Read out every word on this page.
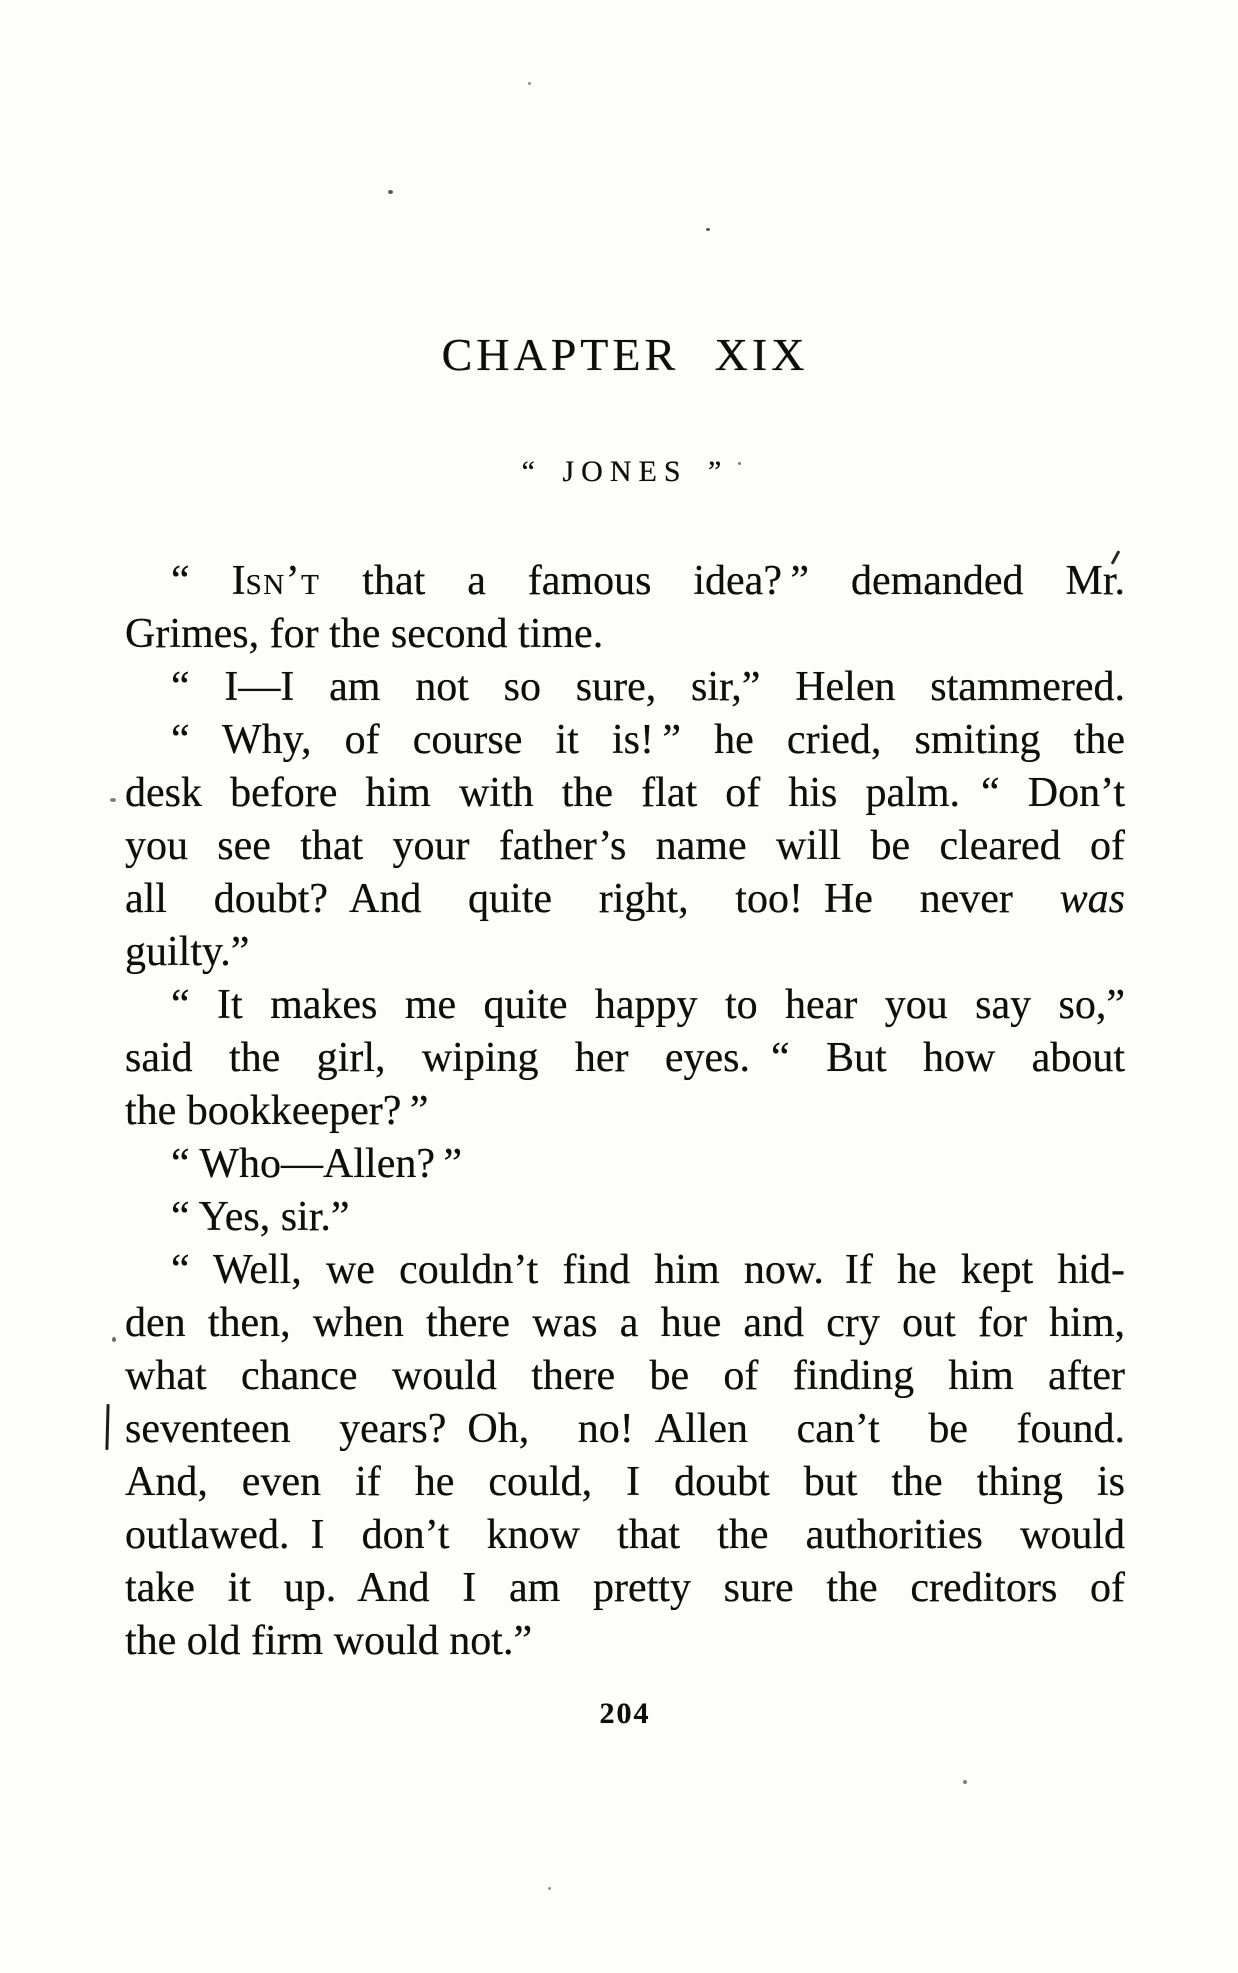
CHAPTER XIX
“ JONES ”
“ Isn’t that a famous idea? ” demanded Mr.
Grimes, for the second time.
“ I—I am not so sure, sir,” Helen stammered.
“ Why, of course it is! ” he cried, smiting the
desk before him with the flat of his palm. “ Don’t
you see that your father’s name will be cleared of
all doubt? And quite right, too! He never was
guilty.”
“ It makes me quite happy to hear you say so,”
said the girl, wiping her eyes. “ But how about
the bookkeeper? ”
“ Who—Allen? ”
“ Yes, sir.”
“ Well, we couldn’t find him now. If he kept hid-
den then, when there was a hue and cry out for him,
what chance would there be of finding him after
seventeen years? Oh, no! Allen can’t be found.
And, even if he could, I doubt but the thing is
outlawed. I don’t know that the authorities would
take it up. And I am pretty sure the creditors of
the old firm would not.”
204
